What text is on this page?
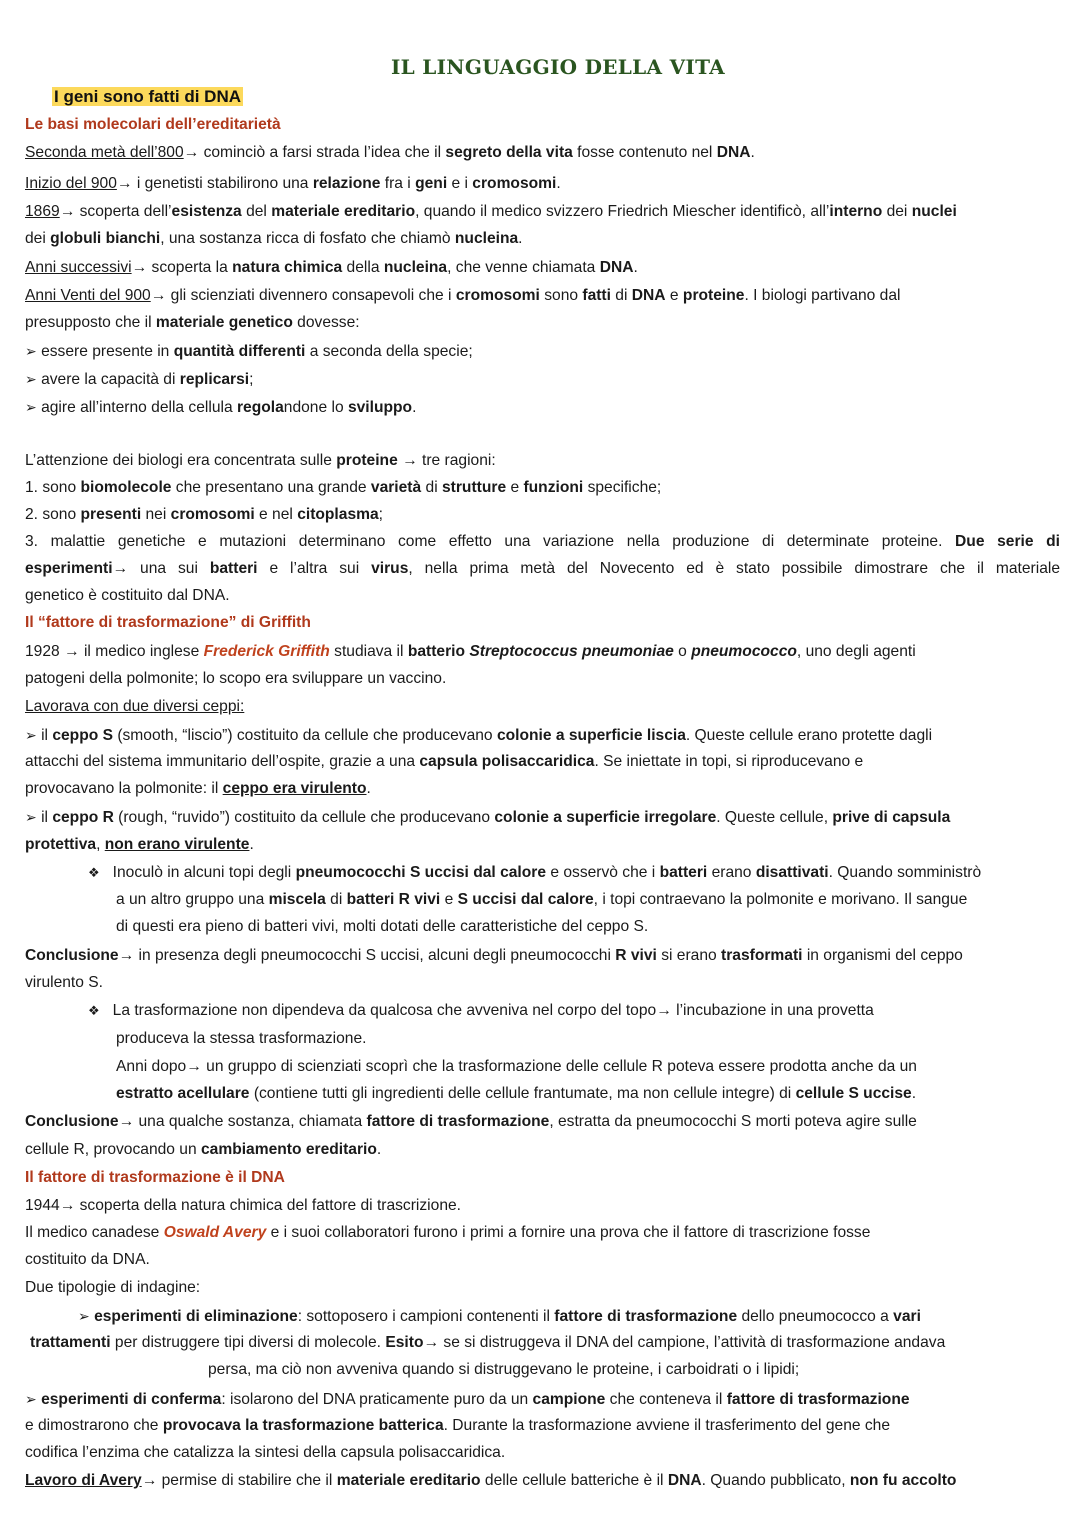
IL LINGUAGGIO DELLA VITA
I geni sono fatti di DNA
Le basi molecolari dell’ereditarietà
Seconda metà dell’800→ cominciò a farsi strada l’idea che il segreto della vita fosse contenuto nel DNA.
Inizio del 900→ i genetisti stabilirono una relazione fra i geni e i cromosomi.
1869→ scoperta dell’esistenza del materiale ereditario, quando il medico svizzero Friedrich Miescher identificò, all’interno dei nuclei
dei globuli bianchi, una sostanza ricca di fosfato che chiamò nucleina.
Anni successivi→ scoperta la natura chimica della nucleina, che venne chiamata DNA.
Anni Venti del 900→ gli scienziati divennero consapevoli che i cromosomi sono fatti di DNA e proteine. I biologi partivano dal
presupposto che il materiale genetico dovesse:
➢ essere presente in quantità differenti a seconda della specie;
➢ avere la capacità di replicarsi;
➢ agire all’interno della cellula regolandone lo sviluppo.
L’attenzione dei biologi era concentrata sulle proteine → tre ragioni:
1. sono biomolecole che presentano una grande varietà di strutture e funzioni specifiche;
2. sono presenti nei cromosomi e nel citoplasma;
3. malattie genetiche e mutazioni determinano come effetto una variazione nella produzione di determinate proteine. Due serie di
esperimenti→ una sui batteri e l’altra sui virus, nella prima metà del Novecento ed è stato possibile dimostrare che il materiale
genetico è costituito dal DNA.
Il “fattore di trasformazione” di Griffith
1928 → il medico inglese Frederick Griffith studiava il batterio Streptococcus pneumoniae o pneumococco, uno degli agenti
patogeni della polmonite; lo scopo era sviluppare un vaccino.
Lavorava con due diversi ceppi:
➢ il ceppo S (smooth, “liscio”) costituito da cellule che producevano colonie a superficie liscia. Queste cellule erano protette dagli
attacchi del sistema immunitario dell’ospite, grazie a una capsula polisaccaridica. Se iniettate in topi, si riproducevano e
provocavano la polmonite: il ceppo era virulento.
➢ il ceppo R (rough, “ruvido”) costituito da cellule che producevano colonie a superficie irregolare. Queste cellule, prive di capsula
protettiva, non erano virulente.
❖   Inoculò in alcuni topi degli pneumococchi S uccisi dal calore e osservò che i batteri erano disattivati. Quando somministrò
a un altro gruppo una miscela di batteri R vivi e S uccisi dal calore, i topi contraevano la polmonite e morivano. Il sangue
di questi era pieno di batteri vivi, molti dotati delle caratteristiche del ceppo S.
Conclusione→ in presenza degli pneumococchi S uccisi, alcuni degli pneumococchi R vivi si erano trasformati in organismi del ceppo
virulento S.
❖   La trasformazione non dipendeva da qualcosa che avveniva nel corpo del topo→ l’incubazione in una provetta
produceva la stessa trasformazione.
Anni dopo→ un gruppo di scienziati scoprì che la trasformazione delle cellule R poteva essere prodotta anche da un
estratto acellulare (contiene tutti gli ingredienti delle cellule frantumate, ma non cellule integre) di cellule S uccise.
Conclusione→ una qualche sostanza, chiamata fattore di trasformazione, estratta da pneumococchi S morti poteva agire sulle
cellule R, provocando un cambiamento ereditario.
Il fattore di trasformazione è il DNA
1944→ scoperta della natura chimica del fattore di trascrizione.
Il medico canadese Oswald Avery e i suoi collaboratori furono i primi a fornire una prova che il fattore di trascrizione fosse
costituito da DNA.
Due tipologie di indagine:
➢ esperimenti di eliminazione: sottoposero i campioni contenenti il fattore di trasformazione dello pneumococco a vari
trattamenti per distruggere tipi diversi di molecole. Esito→ se si distruggeva il DNA del campione, l’attività di trasformazione andava
persa, ma ciò non avveniva quando si distruggevano le proteine, i carboidrati o i lipidi;
➢ esperimenti di conferma: isolarono del DNA praticamente puro da un campione che conteneva il fattore di trasformazione
e dimostrarono che provocava la trasformazione batterica. Durante la trasformazione avviene il trasferimento del gene che
codifica l’enzima che catalizza la sintesi della capsula polisaccaridica.
Lavoro di Avery→ permise di stabilire che il materiale ereditario delle cellule batteriche è il DNA. Quando pubblicato, non fu accolto
